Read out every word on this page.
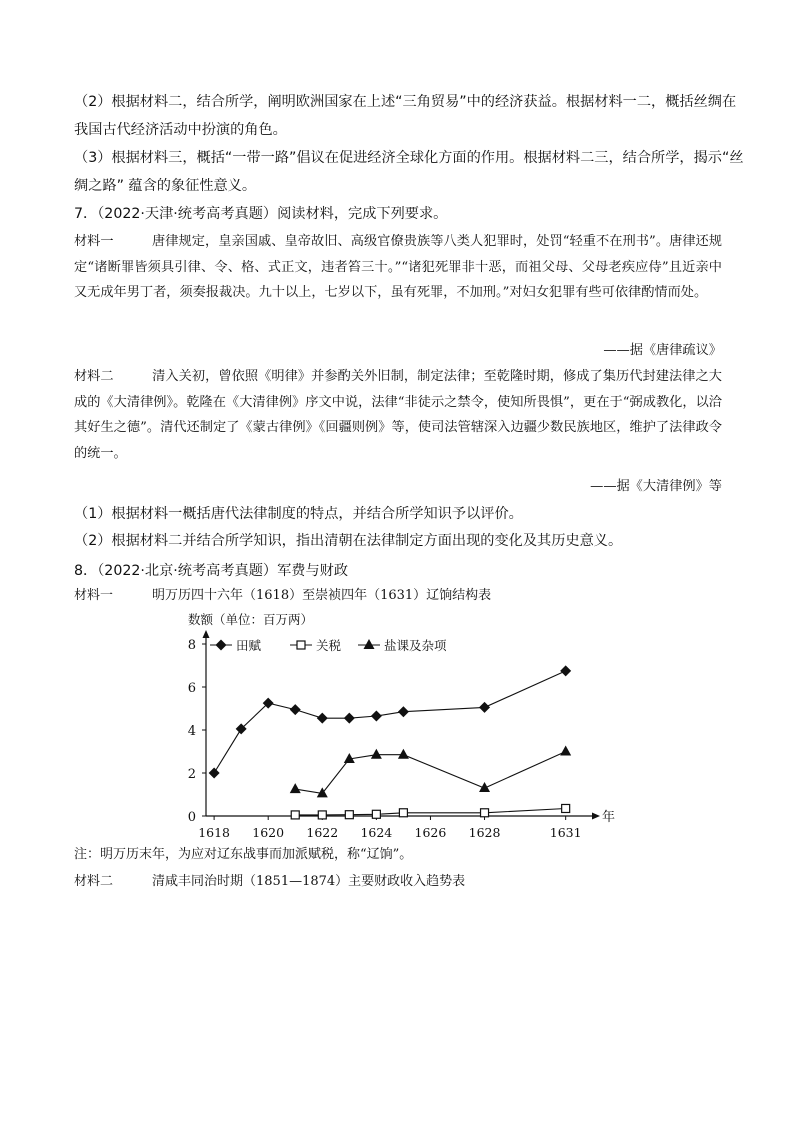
（2）根据材料二，结合所学，阐明欧洲国家在上述“三角贸易”中的经济获益。根据材料一二，概括丝绸在
我国古代经济活动中扮演的角色。
（3）根据材料三，概括“一带一路”倡议在促进经济全球化方面的作用。根据材料二三，结合所学，揭示“丝
绸之路” 蕴含的象征性意义。
7．（2022·天津·统考高考真题）阅读材料，完成下列要求。
材料一	唐律规定，皇亲国戚、皇帝故旧、高级官僚贵族等八类人犯罪时，处罚“轻重不在刑书”。唐律还规定“诸断罪皆须具引律、令、格、式正文，违者笞三十。”“诸犯死罪非十恶，而祖父母、父母老疾应侍”且近亲中又无成年男丁者，须奏报裁决。九十以上，七岁以下，虽有死罪，不加刑。”对妇女犯罪有些可依律酌情而处。
——据《唐律疏议》
材料二	清入关初，曾依照《明律》并参酌关外旧制，制定法律；至乾隆时期，修成了集历代封建法律之大成的《大清律例》。乾隆在《大清律例》序文中说，法律“非徒示之禁令，使知所畏惧”，更在于“弼成教化，以洽其好生之德”。清代还制定了《蒙古律例》《回疆则例》等，使司法管辖深入边疆少数民族地区，维护了法律政令的统一。
——据《大清律例》等
（1）根据材料一概括唐代法律制度的特点，并结合所学知识予以评价。
（2）根据材料二并结合所学知识，指出清朝在法律制定方面出现的变化及其历史意义。
8．（2022·北京·统考高考真题）军费与财政
材料一	明万历四十六年（1618）至崇祯四年（1631）辽饷结构表
0
2
4
6
8
1618 1620 1622 1624 1626 1628	1631
数额（单位：百万两）
年
田赋	关税	盐课及杂项
注：明万历末年，为应对辽东战事而加派赋税，称“辽饷”。
材料二	清咸丰同治时期（1851—1874）主要财政收入趋势表
